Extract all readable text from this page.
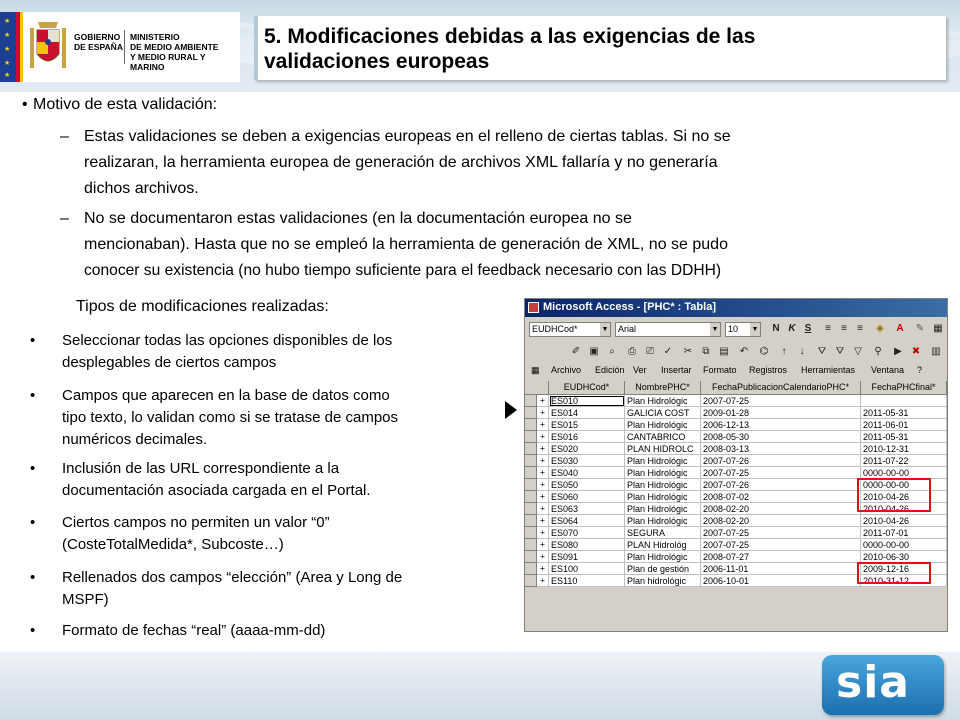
★
★
★
★
★
GOBIERNO
DE ESPAÑA
MINISTERIO
DE MEDIO AMBIENTE
Y MEDIO RURAL Y MARINO
5. Modificaciones debidas a las exigencias de las
validaciones europeas
• Motivo de esta validación:
– Estas validaciones se deben a exigencias europeas en el relleno de ciertas tablas. Si no se
realizaran, la herramienta europea de generación de archivos XML fallaría y no generaría
dichos archivos.
– No se documentaron estas validaciones (en la documentación europea no se
mencionaban). Hasta que no se empleó la herramienta de generación de XML, no se pudo
conocer su existencia (no hubo tiempo suficiente para el feedback necesario con las DDHH)
Tipos de modificaciones realizadas:
• Seleccionar todas las opciones disponibles de los
desplegables de ciertos campos
• Campos que aparecen en la base de datos como
tipo texto, lo validan como si se tratase de campos
numéricos decimales.
• Inclusión de las URL correspondiente a la
documentación asociada cargada en el Portal.
• Ciertos campos no permiten un valor “0”
(CosteTotalMedida*, Subcoste…)
• Rellenados dos campos “elección” (Area y Long de
MSPF)
• Formato de fechas “real” (aaaa-mm-dd)
Microsoft Access - [PHC* : Tabla]
EUDHCod*	▼	Arial	▼	10 ▼	N K S	≡	≡	≡	◈	A	✎ ▦
✐ ▣	⌕	⎙	⎚ ✓ ✂	⧉ ▤ ↶ ⌬	↑	↓	⛛ ⛛ ▽	⚲	▶ ✖ ▥
▦ Archivo Edición Ver Insertar Formato Registros Herramientas Ventana ?
EUDHCod*	NombrePHC*	FechaPublicacionCalendarioPHC*	FechaPHCfinal*
+ ES010	Plan Hidrológic	2007-07-25
+ ES014	GALICIA COST	2009-01-28	2011-05-31
+ ES015	Plan Hidrológic	2006-12-13	2011-06-01
+ ES016	CANTABRICO	2008-05-30	2011-05-31
+ ES020	PLAN HIDROLC	2008-03-13	2010-12-31
+ ES030	Plan Hidrológic	2007-07-26	2011-07-22
+ ES040	Plan Hidrológic	2007-07-25	0000-00-00
+ ES050	Plan Hidrológic	2007-07-26	0000-00-00
+ ES060	Plan Hidrológic	2008-07-02	2010-04-26
+ ES063	Plan Hidrológic	2008-02-20	2010-04-26
+ ES064	Plan Hidrológic	2008-02-20	2010-04-26
+ ES070	SEGURA	2007-07-25	2011-07-01
+ ES080	PLAN Hidrológ	2007-07-25	0000-00-00
+ ES091	Plan Hidrológic	2008-07-27	2010-06-30
+ ES100	Plan de gestión	2006-11-01	2009-12-16
+ ES110	Plan hidrológic	2006-10-01	2010-31-12
sia
